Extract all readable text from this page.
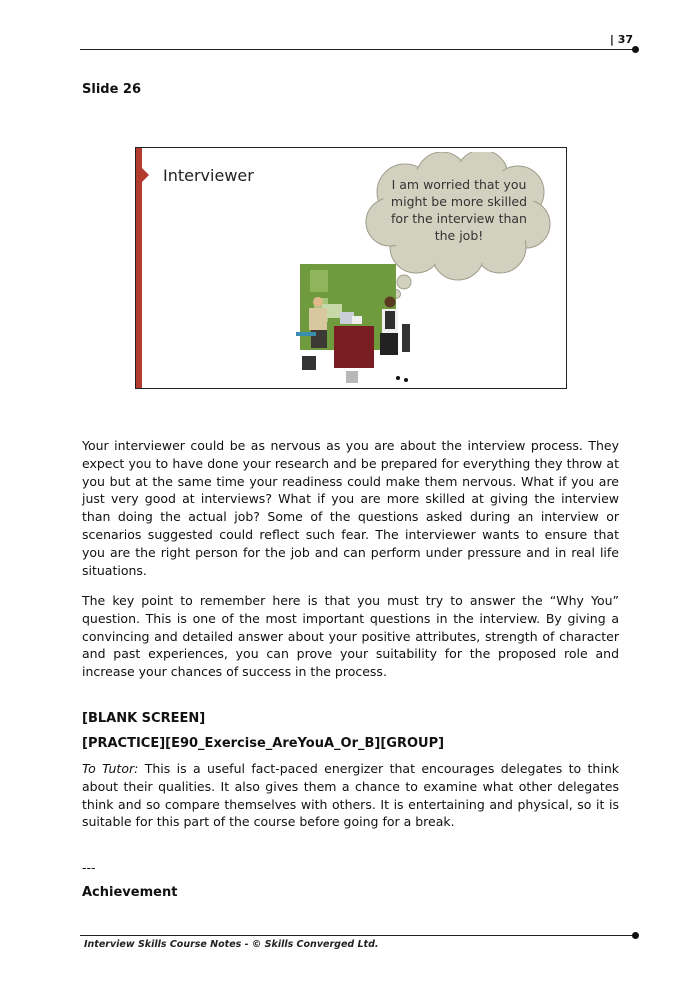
| 37
Slide 26
Interviewer	I am worried that you might be more skilled for the interview than the job!

Your interviewer could be as nervous as you are about the interview process. They expect you to have done your research and be prepared for everything they throw at you but at the same time your readiness could make them nervous. What if you are just very good at interviews? What if you are more skilled at giving the interview than doing the actual job? Some of the questions asked during an interview or scenarios suggested could reflect such fear. The interviewer wants to ensure that you are the right person for the job and can perform under pressure and in real life situations.

The key point to remember here is that you must try to answer the “Why You” question. This is one of the most important questions in the interview. By giving a convincing and detailed answer about your positive attributes, strength of character and past experiences, you can prove your suitability for the proposed role and increase your chances of success in the process.

[BLANK SCREEN]
[PRACTICE][E90_Exercise_AreYouA_Or_B][GROUP]

To Tutor: This is a useful fact-paced energizer that encourages delegates to think about their qualities. It also gives them a chance to examine what other delegates think and so compare themselves with others. It is entertaining and physical, so it is suitable for this part of the course before going for a break.

---
Achievement
Interview Skills Course Notes - © Skills Converged Ltd.
